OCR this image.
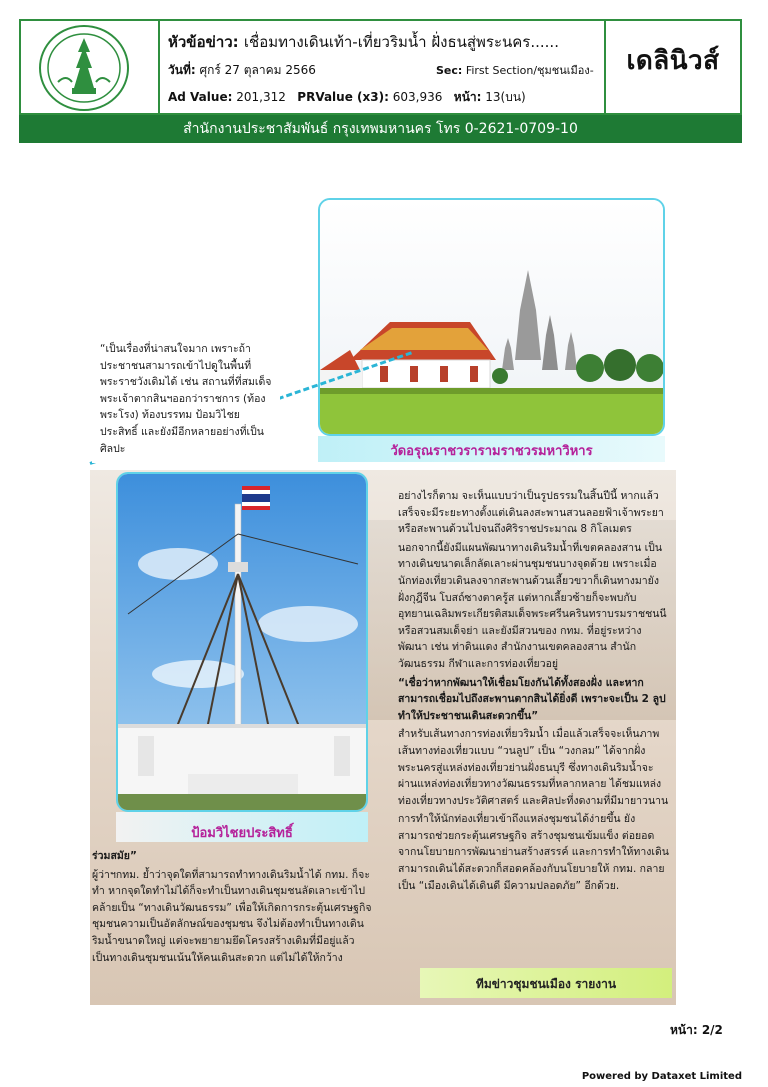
หัวข้อข่าว: เชื่อมทางเดินเท้า-เที่ยวริมน้ำ ฝั่งธนสู่พระนคร......
วันที่: ศุกร์ 27 ตุลาคม 2566	Sec: First Section/ชุมชนเมือง-
Ad Value: 201,312 PRValue (x3): 603,936 หน้า: 13(บน)
เดลินิวส์
สำนักงานประชาสัมพันธ์ กรุงเทพมหานคร โทร 0-2621-0709-10
วัดอรุณราชวรารามราชวรมหาวิหาร
“เป็นเรื่องที่น่าสนใจมาก เพราะถ้าประชาชนสามารถเข้าไปดูในพื้นที่พระราชวังเดิมได้ เช่น สถานที่ที่สมเด็จพระเจ้าตากสินฯออกว่าราชการ (ท้องพระโรง) ท้องบรรทม ป้อมวิไชยประสิทธิ์ และยังมีอีกหลายอย่างที่เป็นศิลปะ
ป้อมวิไชยประสิทธิ์

อย่างไรก็ตาม จะเห็นแบบว่าเป็นรูปธรรมในสิ้นปีนี้ หากแล้วเสร็จจะมีระยะทางตั้งแต่เดินลงสะพานสวนลอยฟ้าเจ้าพระยา หรือสะพานด้วนไปจนถึงศิริราชประมาณ 8 กิโลเมตร

นอกจากนี้ยังมีแผนพัฒนาทางเดินริมน้ำที่เขตคลองสาน เป็นทางเดินขนาดเล็กลัดเลาะผ่านชุมชนบางจุดด้วย เพราะเมื่อนักท่องเที่ยวเดินลงจากสะพานด้วนเลี้ยวขวาก็เดินทางมายังฝั่งกุฎีจีน โบสถ์ซางตาครู้ส แต่หากเลี้ยวซ้ายก็จะพบกับ อุทยานเฉลิมพระเกียรติสมเด็จพระศรีนครินทราบรมราชชนนี หรือสวนสมเด็จย่า และยังมีสวนของ กทม. ที่อยู่ระหว่างพัฒนา เช่น ท่าดินแดง สำนักงานเขตคลองสาน สำนักวัฒนธรรม กีฬาและการท่องเที่ยวอยู่

“เชื่อว่าหากพัฒนาให้เชื่อมโยงกันได้ทั้งสองฝั่ง และหากสามารถเชื่อมไปถึงสะพานตากสินได้ยิ่งดี เพราะจะเป็น 2 ลูป ทำให้ประชาชนเดินสะดวกขึ้น”

สำหรับเส้นทางการท่องเที่ยวริมน้ำ เมื่อแล้วเสร็จจะเห็นภาพเส้นทางท่องเที่ยวแบบ “วนลูป” เป็น “วงกลม” ได้จากฝั่งพระนครสู่แหล่งท่องเที่ยวย่านฝั่งธนบุรี ซึ่งทางเดินริมน้ำจะผ่านแหล่งท่องเที่ยวทางวัฒนธรรมที่หลากหลาย ได้ชมแหล่งท่องเที่ยวทางประวัติศาสตร์ และศิลปะที่งดงามที่มีมายาวนาน

การทำให้นักท่องเที่ยวเข้าถึงแหล่งชุมชนได้ง่ายขึ้น ยังสามารถช่วยกระตุ้นเศรษฐกิจ สร้างชุมชนเข้มแข็ง ต่อยอดจากนโยบายการพัฒนาย่านสร้างสรรค์ และการทำให้ทางเดินสามารถเดินได้สะดวกก็สอดคล้องกับนโยบายให้ กทม. กลายเป็น “เมืองเดินได้เดินดี มีความปลอดภัย” อีกด้วย.

ร่วมสมัย”

ผู้ว่าฯกทม. ย้ำว่าจุดใดที่สามารถทำทางเดินริมน้ำได้ กทม. ก็จะทำ หากจุดใดทำไม่ได้ก็จะทำเป็นทางเดินชุมชนลัดเลาะเข้าไป คล้ายเป็น “ทางเดินวัฒนธรรม” เพื่อให้เกิดการกระตุ้นเศรษฐกิจชุมชนความเป็นอัตลักษณ์ของชุมชน จึงไม่ต้องทำเป็นทางเดินริมน้ำขนาดใหญ่ แต่จะพยายามยึดโครงสร้างเดิมที่มีอยู่แล้ว เป็นทางเดินชุมชนเน้นให้คนเดินสะดวก แต่ไม่ได้ให้กว้าง

ทีมข่าวชุมชนเมือง รายงาน
หน้า: 2/2
Powered by Dataxet Limited
